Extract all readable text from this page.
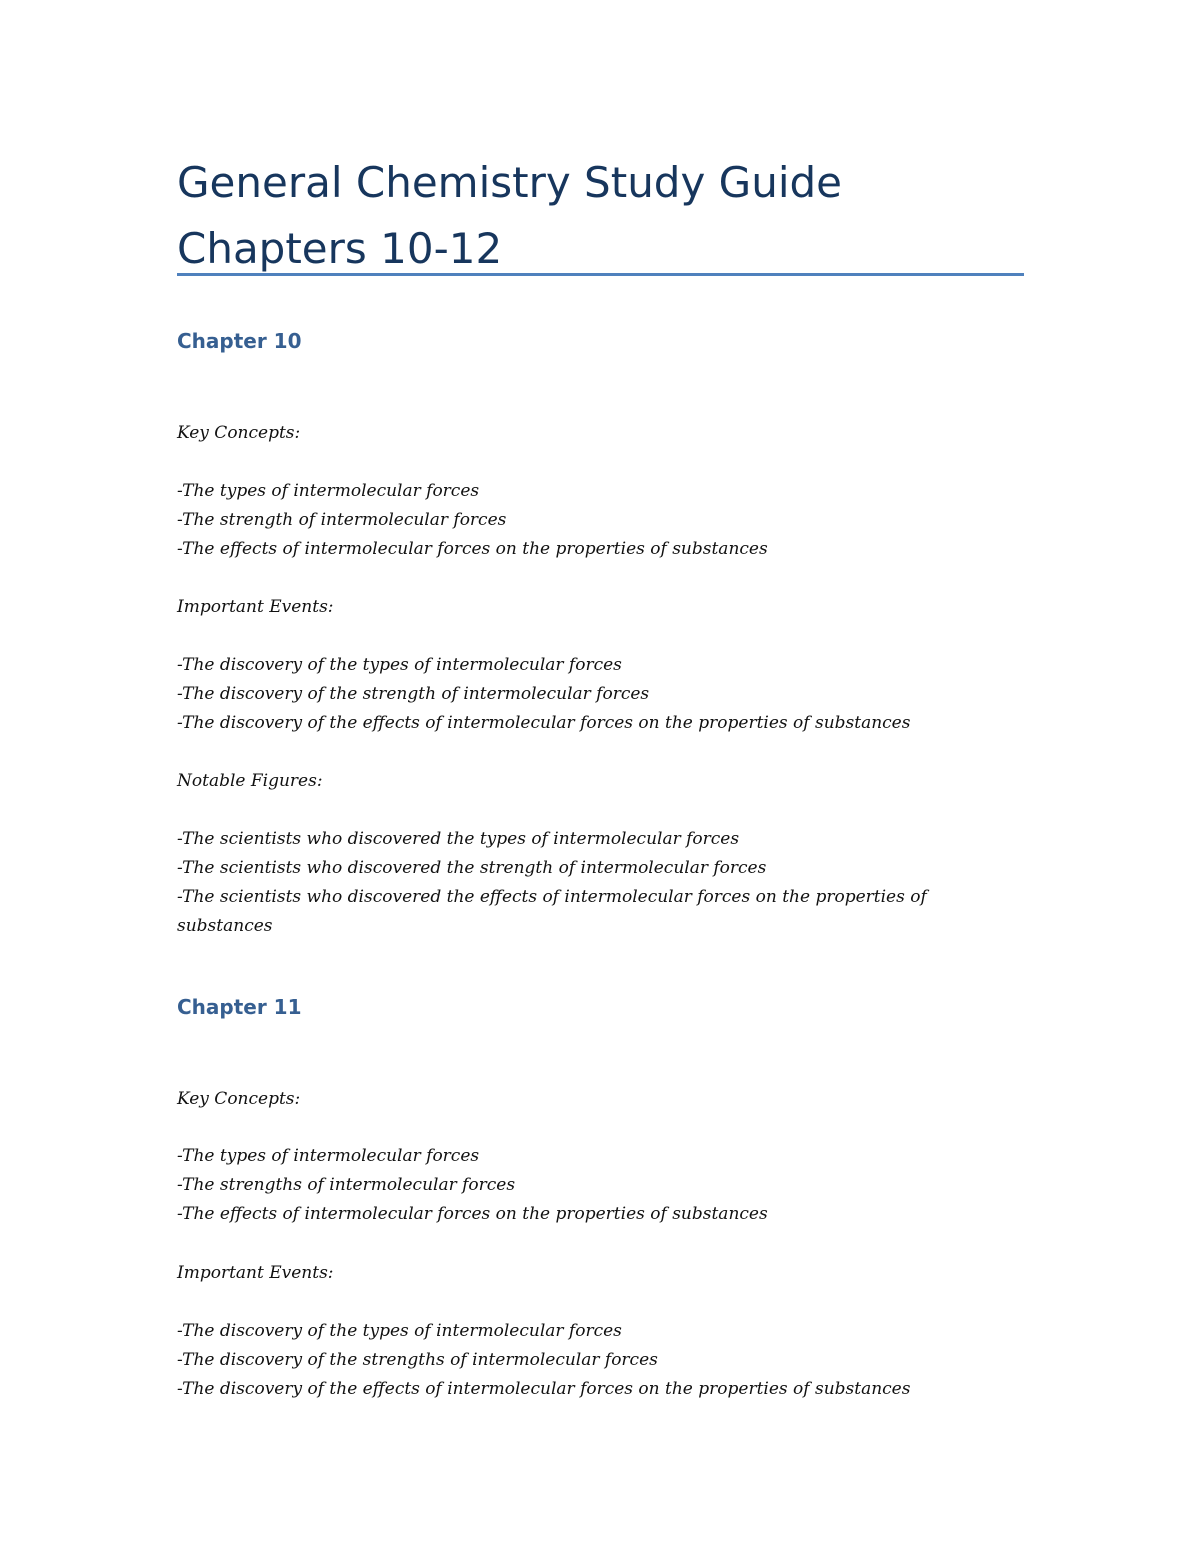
General Chemistry Study Guide
Chapters 10-12
Chapter 10

Key Concepts:

-The types of intermolecular forces

-The strength of intermolecular forces

-The effects of intermolecular forces on the properties of substances

Important Events:

-The discovery of the types of intermolecular forces

-The discovery of the strength of intermolecular forces

-The discovery of the effects of intermolecular forces on the properties of substances

Notable Figures:

-The scientists who discovered the types of intermolecular forces

-The scientists who discovered the strength of intermolecular forces

-The scientists who discovered the effects of intermolecular forces on the properties of substances

Chapter 11

Key Concepts:

-The types of intermolecular forces

-The strengths of intermolecular forces

-The effects of intermolecular forces on the properties of substances

Important Events:

-The discovery of the types of intermolecular forces

-The discovery of the strengths of intermolecular forces

-The discovery of the effects of intermolecular forces on the properties of substances
